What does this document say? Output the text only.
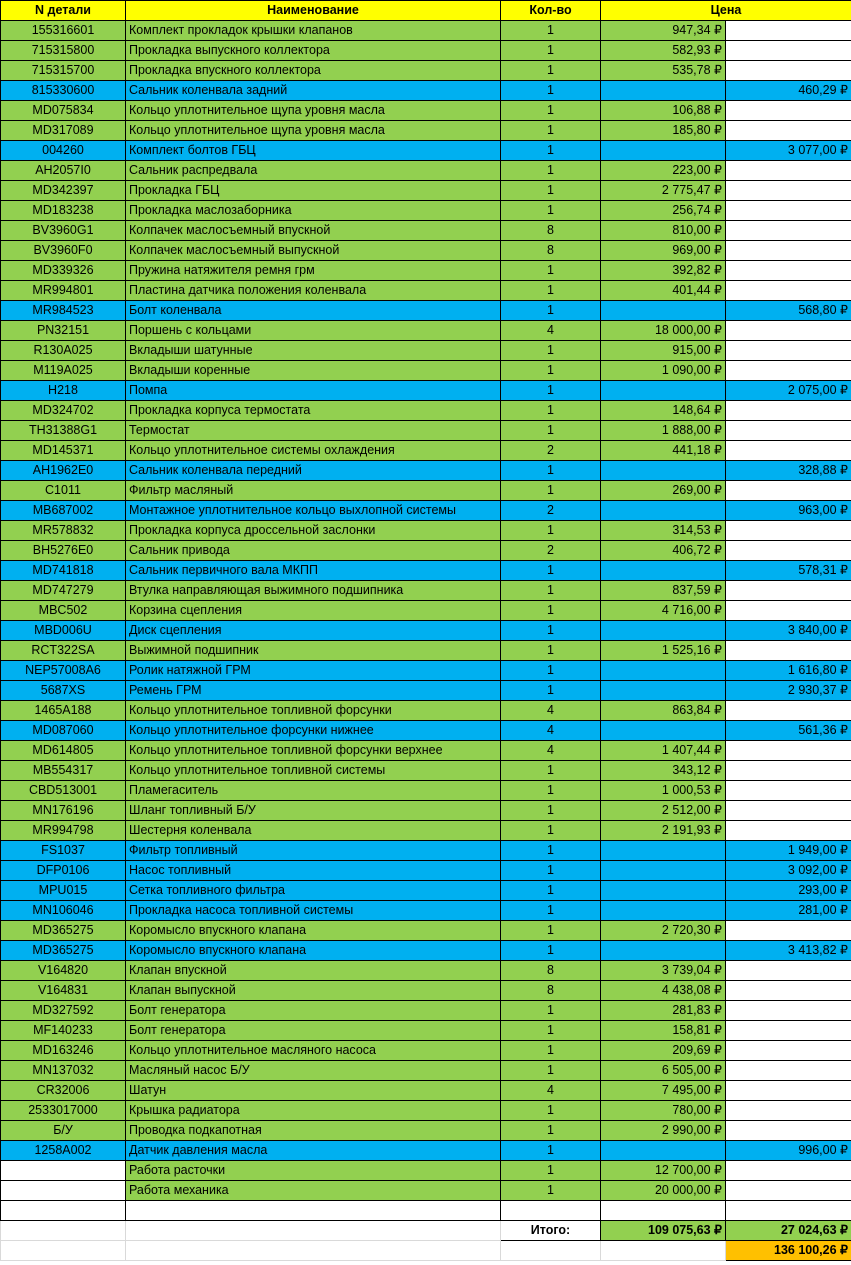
N детали	Наименование	Кол-во	Цена	
155316601	Комплект прокладок крышки клапанов	1	947,34 ₽	
715315800	Прокладка выпускного коллектора	1	582,93 ₽	
715315700	Прокладка впускного коллектора	1	535,78 ₽	
815330600	Сальник коленвала задний	1		460,29 ₽
MD075834	Кольцо уплотнительное щупа уровня масла	1	106,88 ₽	
MD317089	Кольцо уплотнительное щупа уровня масла	1	185,80 ₽	
004260	Комплект болтов ГБЦ	1		3 077,00 ₽
AH2057I0	Сальник распредвала	1	223,00 ₽	
MD342397	Прокладка ГБЦ	1	2 775,47 ₽	
MD183238	Прокладка маслозаборника	1	256,74 ₽	
BV3960G1	Колпачек маслосъемный впускной	8	810,00 ₽	
BV3960F0	Колпачек маслосъемный выпускной	8	969,00 ₽	
MD339326	Пружина натяжителя ремня грм	1	392,82 ₽	
MR994801	Пластина датчика положения коленвала	1	401,44 ₽	
MR984523	Болт коленвала	1		568,80 ₽
PN32151	Поршень с кольцами	4	18 000,00 ₽	
R130A025	Вкладыши шатунные	1	915,00 ₽	
M119A025	Вкладыши коренные	1	1 090,00 ₽	
H218	Помпа	1		2 075,00 ₽
MD324702	Прокладка корпуса термостата	1	148,64 ₽	
TH31388G1	Термостат	1	1 888,00 ₽	
MD145371	Кольцо уплотнительное системы охлаждения	2	441,18 ₽	
AH1962E0	Сальник коленвала передний	1		328,88 ₽
C1011	Фильтр масляный	1	269,00 ₽	
MB687002	Монтажное уплотнительное кольцо выхлопной системы	2		963,00 ₽
MR578832	Прокладка корпуса дроссельной заслонки	1	314,53 ₽	
BH5276E0	Сальник привода	2	406,72 ₽	
MD741818	Сальник первичного вала МКПП	1		578,31 ₽
MD747279	Втулка направляющая выжимного подшипника	1	837,59 ₽	
MBC502	Корзина сцепления	1	4 716,00 ₽	
MBD006U	Диск сцепления	1		3 840,00 ₽
RCT322SA	Выжимной подшипник	1	1 525,16 ₽	
NEP57008A6	Ролик натяжной ГРМ	1		1 616,80 ₽
5687XS	Ремень ГРМ	1		2 930,37 ₽
1465A188	Кольцо уплотнительное топливной форсунки	4	863,84 ₽	
MD087060	Кольцо уплотнительное форсунки нижнее	4		561,36 ₽
MD614805	Кольцо уплотнительное топливной форсунки верхнее	4	1 407,44 ₽	
MB554317	Кольцо уплотнительное топливной системы	1	343,12 ₽	
CBD513001	Пламегаситель	1	1 000,53 ₽	
MN176196	Шланг топливный Б/У	1	2 512,00 ₽	
MR994798	Шестерня коленвала	1	2 191,93 ₽	
FS1037	Фильтр топливный	1		1 949,00 ₽
DFP0106	Насос топливный	1		3 092,00 ₽
MPU015	Сетка топливного фильтра	1		293,00 ₽
MN106046	Прокладка насоса топливной системы	1		281,00 ₽
MD365275	Коромысло впускного клапана	1	2 720,30 ₽	
MD365275	Коромысло впускного клапана	1		3 413,82 ₽
V164820	Клапан впускной	8	3 739,04 ₽	
V164831	Клапан выпускной	8	4 438,08 ₽	
MD327592	Болт генератора	1	281,83 ₽	
MF140233	Болт генератора	1	158,81 ₽	
MD163246	Кольцо уплотнительное масляного насоса	1	209,69 ₽	
MN137032	Масляный насос Б/У	1	6 505,00 ₽	
CR32006	Шатун	4	7 495,00 ₽	
2533017000	Крышка радиатора	1	780,00 ₽	
Б/У	Проводка подкапотная	1	2 990,00 ₽	
1258A002	Датчик давления масла	1		996,00 ₽
	Работа расточки	1	12 700,00 ₽	
	Работа механика	1	20 000,00 ₽	

		Итого:	109 075,63 ₽	27 024,63 ₽
				136 100,26 ₽
